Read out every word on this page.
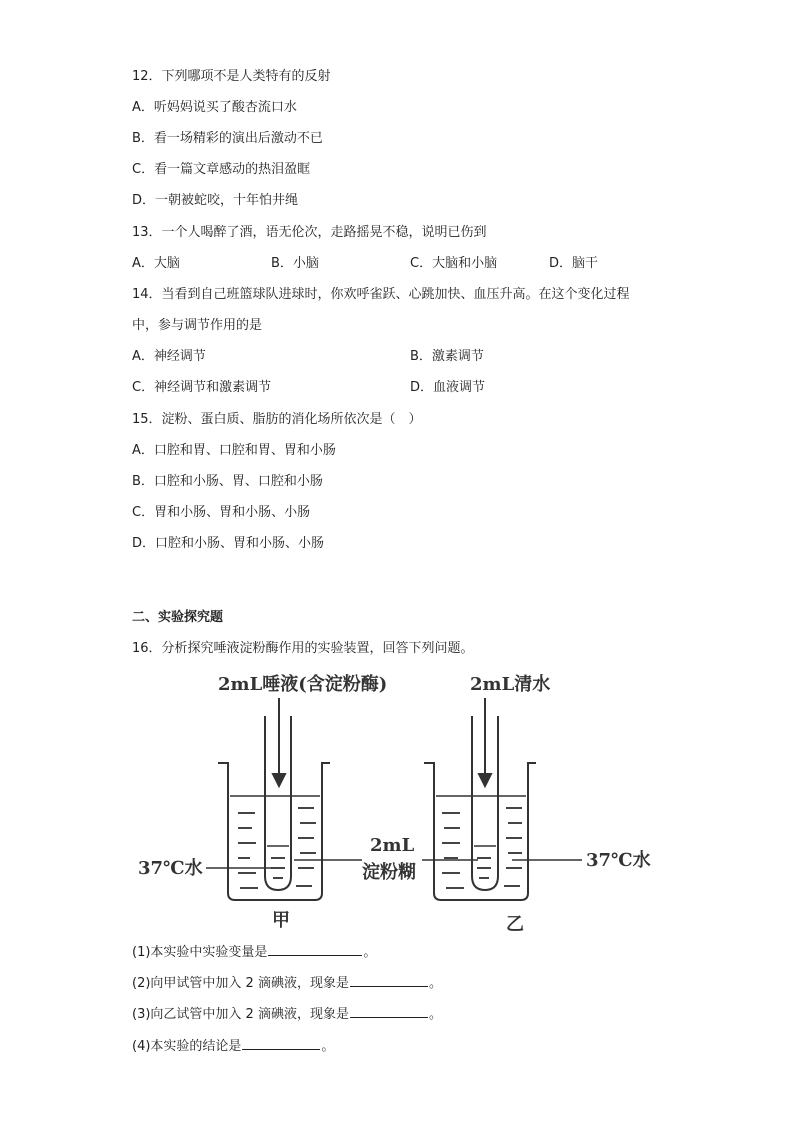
12．下列哪项不是人类特有的反射
A．听妈妈说买了酸杏流口水
B．看一场精彩的演出后激动不已
C．看一篇文章感动的热泪盈眶
D．一朝被蛇咬，十年怕井绳
13．一个人喝醉了酒，语无伦次，走路摇晃不稳，说明已伤到
A．大脑	B．小脑	C．大脑和小脑	D．脑干
14．当看到自己班篮球队进球时，你欢呼雀跃、心跳加快、血压升高。在这个变化过程
中，参与调节作用的是
A．神经调节	B．激素调节
C．神经调节和激素调节	D．血液调节
15．淀粉、蛋白质、脂肪的消化场所依次是（　）
A．口腔和胃、口腔和胃、胃和小肠
B．口腔和小肠、胃、口腔和小肠
C．胃和小肠、胃和小肠、小肠
D．口腔和小肠、胃和小肠、小肠
二、实验探究题
16．分析探究唾液淀粉酶作用的实验装置，回答下列问题。
2mL唾液(含淀粉酶)	2mL清水
2mL
淀粉糊
37℃水	37℃水
甲	乙
(1)本实验中实验变量是	。
(2)向甲试管中加入 2 滴碘液，现象是	。
(3)向乙试管中加入 2 滴碘液，现象是	。
(4)本实验的结论是	。
